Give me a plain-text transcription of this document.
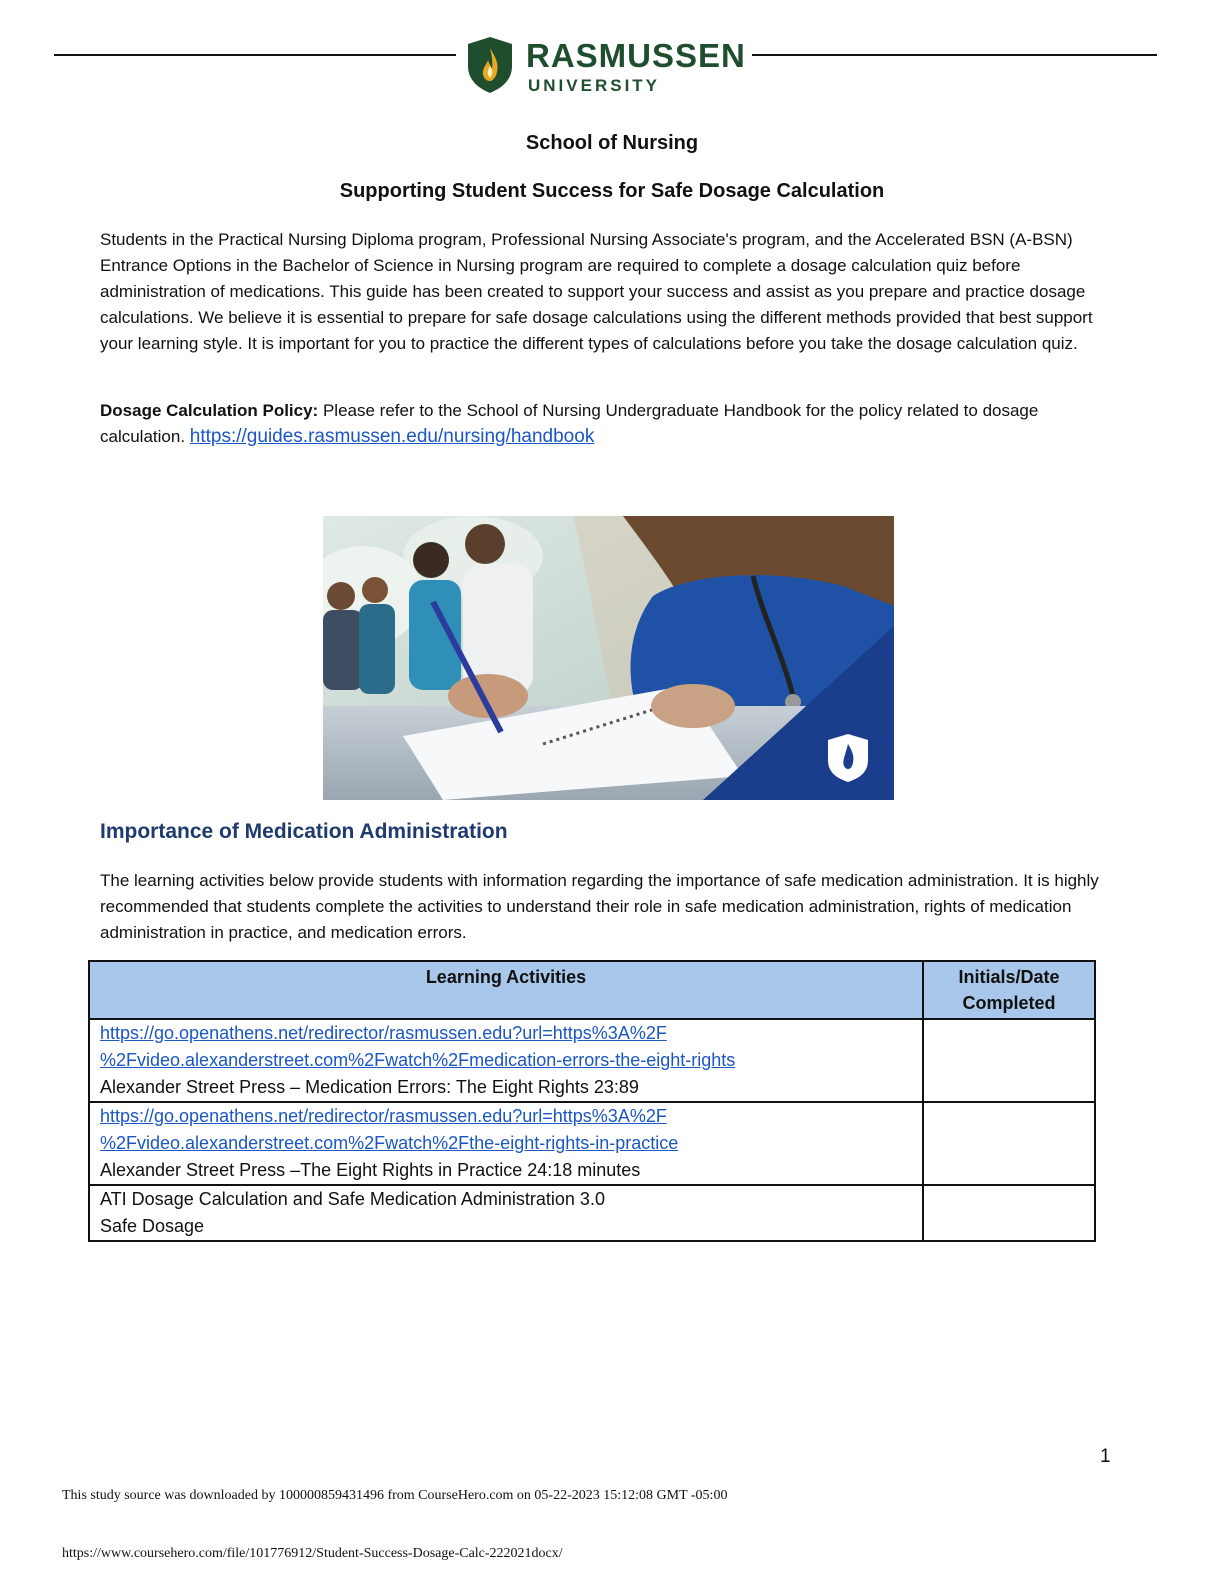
RASMUSSEN
UNIVERSITY
School of Nursing
Supporting Student Success for Safe Dosage Calculation

Students in the Practical Nursing Diploma program, Professional Nursing Associate's program, and the Accelerated BSN (A-BSN) Entrance Options in the Bachelor of Science in Nursing program are required to complete a dosage calculation quiz before administration of medications. This guide has been created to support your success and assist as you prepare and practice dosage calculations. We believe it is essential to prepare for safe dosage calculations using the different methods provided that best support your learning style. It is important for you to practice the different types of calculations before you take the dosage calculation quiz.

Dosage Calculation Policy: Please refer to the School of Nursing Undergraduate Handbook for the policy related to dosage calculation. https://guides.rasmussen.edu/nursing/handbook

Importance of Medication Administration

The learning activities below provide students with information regarding the importance of safe medication administration. It is highly recommended that students complete the activities to understand their role in safe medication administration, rights of medication administration in practice, and medication errors.

Learning Activities	Initials/Date Completed

https://go.openathens.net/redirector/rasmussen.edu?url=https%3A%2F
%2Fvideo.alexanderstreet.com%2Fwatch%2Fmedication-errors-the-eight-rights
Alexander Street Press – Medication Errors: The Eight Rights 23:89	

https://go.openathens.net/redirector/rasmussen.edu?url=https%3A%2F
%2Fvideo.alexanderstreet.com%2Fwatch%2Fthe-eight-rights-in-practice
Alexander Street Press –The Eight Rights in Practice 24:18 minutes	

ATI Dosage Calculation and Safe Medication Administration 3.0
Safe Dosage	

1
This study source was downloaded by 100000859431496 from CourseHero.com on 05-22-2023 15:12:08 GMT -05:00
https://www.coursehero.com/file/101776912/Student-Success-Dosage-Calc-222021docx/
